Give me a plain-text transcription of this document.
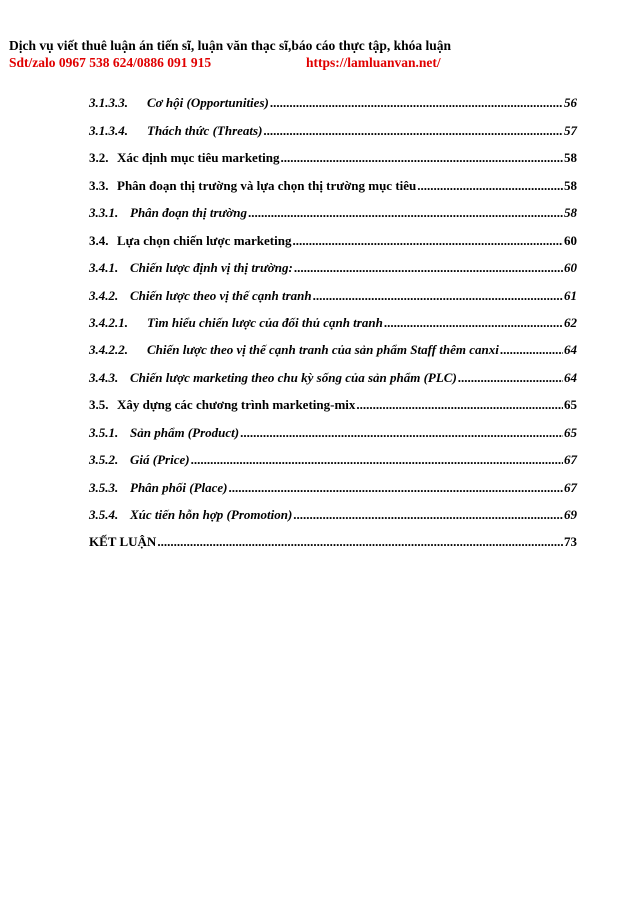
Dịch vụ viết thuê luận án tiến sĩ, luận văn thạc sĩ,báo cáo thực tập, khóa luận
Sdt/zalo 0967 538 624/0886 091 915	https://lamluanvan.net/
3.1.3.3.	Cơ hội (Opportunities) .....	56
3.1.3.4.	Thách thức (Threats) .....	57
3.2. Xác định mục tiêu marketing .....	58
3.3. Phân đoạn thị trường và lựa chọn thị trường mục tiêu .....	58
3.3.1. Phân đoạn thị trường .....	58
3.4. Lựa chọn chiến lược marketing .....	60
3.4.1. Chiến lược định vị thị trường: .....	60
3.4.2. Chiến lược theo vị thế cạnh tranh .....	61
3.4.2.1.	Tìm hiểu chiến lược của đối thủ cạnh tranh .....	62
3.4.2.2.	Chiến lược theo vị thế cạnh tranh của sản phẩm Staff thêm canxi .....	64
3.4.3. Chiến lược marketing theo chu kỳ sống của sản phẩm (PLC) .....	64
3.5. Xây dựng các chương trình marketing-mix .....	65
3.5.1. Sản phẩm (Product) .....	65
3.5.2. Giá (Price) .....	67
3.5.3. Phân phối (Place) .....	67
3.5.4. Xúc tiến hỗn hợp (Promotion) .....	69
KẾT LUẬN .....	73
